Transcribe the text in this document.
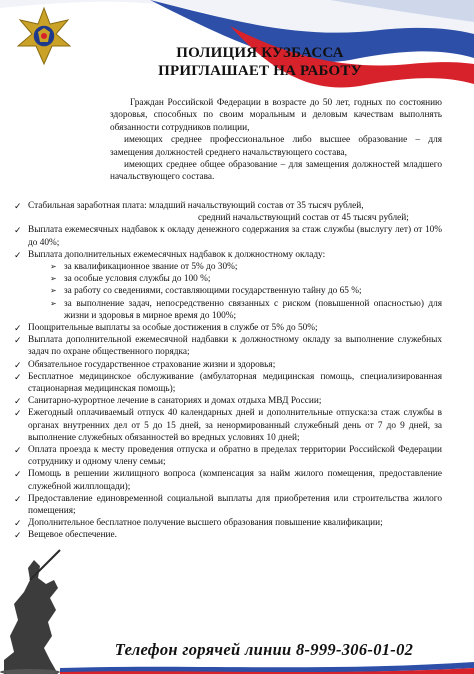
ПОЛИЦИЯ КУЗБАССА
ПРИГЛАШАЕТ НА РАБОТУ

Граждан Российской Федерации в возрасте до 50 лет, годных по состоянию здоровья, способных по своим моральным и деловым качествам выполнять обязанности сотрудников полиции,

имеющих среднее профессиональное либо высшее образование – для замещения должностей среднего начальствующего состава,

имеющих среднее общее образование – для замещения должностей младшего начальствующего состава.

✓ Стабильная заработная плата: младший начальствующий состав от 35 тысяч рублей,
средний начальствующий состав от 45 тысяч рублей;

✓ Выплата ежемесячных надбавок к окладу денежного содержания за стаж службы (выслугу лет) от 10% до 40%;

✓ Выплата дополнительных ежемесячных надбавок к должностному окладу:

➢ за квалификационное звание от 5% до 30%;

➢ за особые условия службы до 100 %;

➢ за работу со сведениями, составляющими государственную тайну до 65 %;

➢ за выполнение задач, непосредственно связанных с риском (повышенной опасностью) для жизни и здоровья в мирное время до 100%;

✓ Поощрительные выплаты за особые достижения в службе от 5% до 50%;

✓ Выплата дополнительной ежемесячной надбавки к должностному окладу за выполнение служебных задач по охране общественного порядка;

✓ Обязательное государственное страхование жизни и здоровья;

✓ Бесплатное медицинское обслуживание (амбулаторная медицинская помощь, специализированная стационарная медицинская помощь);

✓ Санитарно-курортное лечение в санаториях и домах отдыха МВД России;

✓ Ежегодный оплачиваемый отпуск 40 календарных дней и дополнительные отпуска:за стаж службы в органах внутренних дел от 5 до 15 дней, за ненормированный служебный день от 7 до 9 дней, за выполнение служебных обязанностей во вредных условиях 10 дней;

✓ Оплата проезда к месту проведения отпуска и обратно в пределах территории Российской Федерации сотруднику и одному члену семьи;

✓ Помощь в решении жилищного вопроса (компенсация за найм жилого помещения, предоставление служебной жилплощади);

✓ Предоставление единовременной социальной выплаты для приобретения или строительства жилого помещения;

✓ Дополнительное бесплатное получение высшего образования повышение квалификации;

✓ Вещевое обеспечение.

Телефон горячей линии 8-999-306-01-02
